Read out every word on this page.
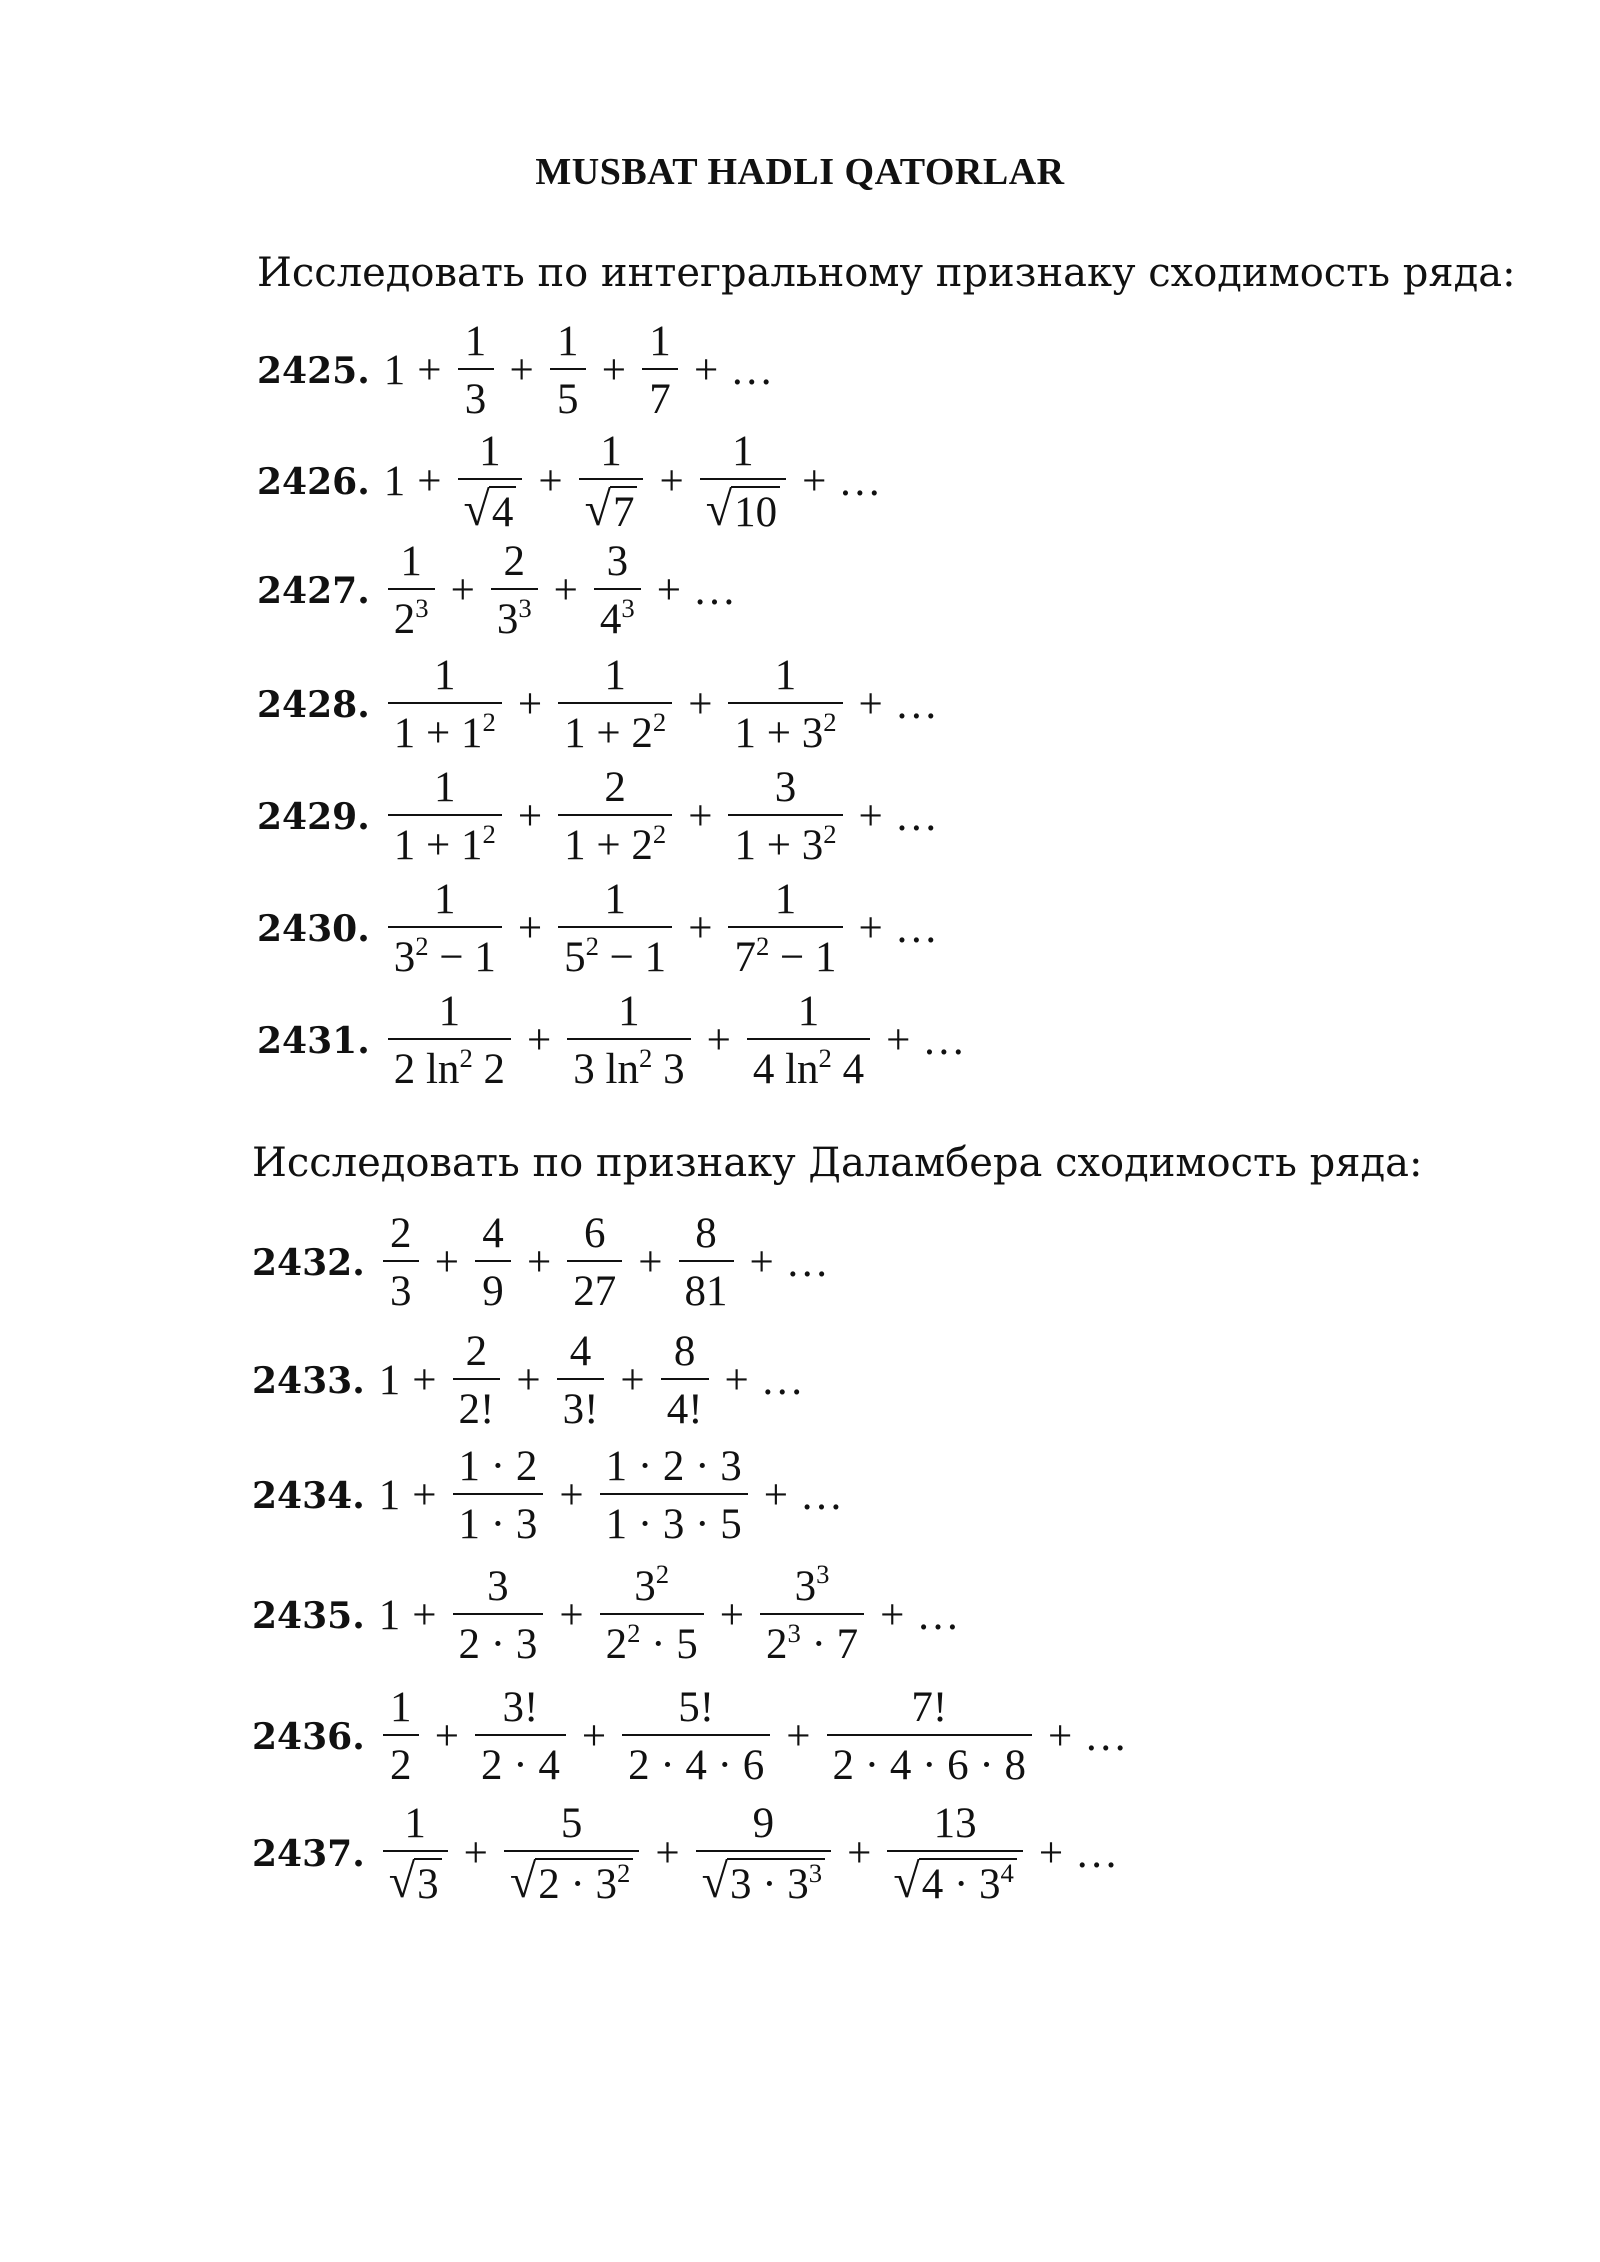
MUSBAT HADLI QATORLAR
Исследовать по интегральному признаку сходимость ряда:
2425. $1 + \frac{1}{3} + \frac{1}{5} + \frac{1}{7}$ + …
2426. $1 + \frac{1}{√ 4} + \frac{1}{√ 7} + \frac{1}{√ 10}$ + …
2427. $\frac{1}{2^3} + \frac{2}{3^3} + \frac{3}{4^3}$ + …
2428. $\frac{1}{1 + 1^2} + \frac{1}{1 + 2^2} + \frac{1}{1 + 3^2}$ + …
2429. $\frac{1}{1 + 1^2} + \frac{2}{1 + 2^2} + \frac{3}{1 + 3^2}$ + …
2430. $\frac{1}{3^2 - 1} + \frac{1}{5^2 - 1} + \frac{1}{7^2 - 1}$ + …
2431. $\frac{1}{2 \ln^2 2} + \frac{1}{3 \ln^2 3} + \frac{1}{4 \ln^2 4}$ + …
Исследовать по признаку Даламбера сходимость ряда:
2432. $\frac{2}{3} + \frac{4}{9} + \frac{6}{27} + \frac{8}{81}$ + …
2433. $1 + \frac{2}{2!} + \frac{4}{3!} + \frac{8}{4!}$ + …
2434. $1 + \frac{1 \cdot 2}{1 \cdot 3} + \frac{1 \cdot 2 \cdot 3}{1 \cdot 3 \cdot 5}$ + …
2435. $1 + \frac{3}{2 \cdot 3} + \frac{3^2}{2^2 \cdot 5} + \frac{3^3}{2^3 \cdot 7}$ + …
2436. $\frac{1}{2} + \frac{3!}{2 \cdot 4} + \frac{5!}{2 \cdot 4 \cdot 6} + \frac{7!}{2 \cdot 4 \cdot 6 \cdot 8}$ + …
2437. $\frac{1}{√ 3} + \frac{5}{√ 2 \cdot 3^2} + \frac{9}{√ 3 \cdot 3^3} + \frac{13}{√ 4 \cdot 3^4}$ + …
